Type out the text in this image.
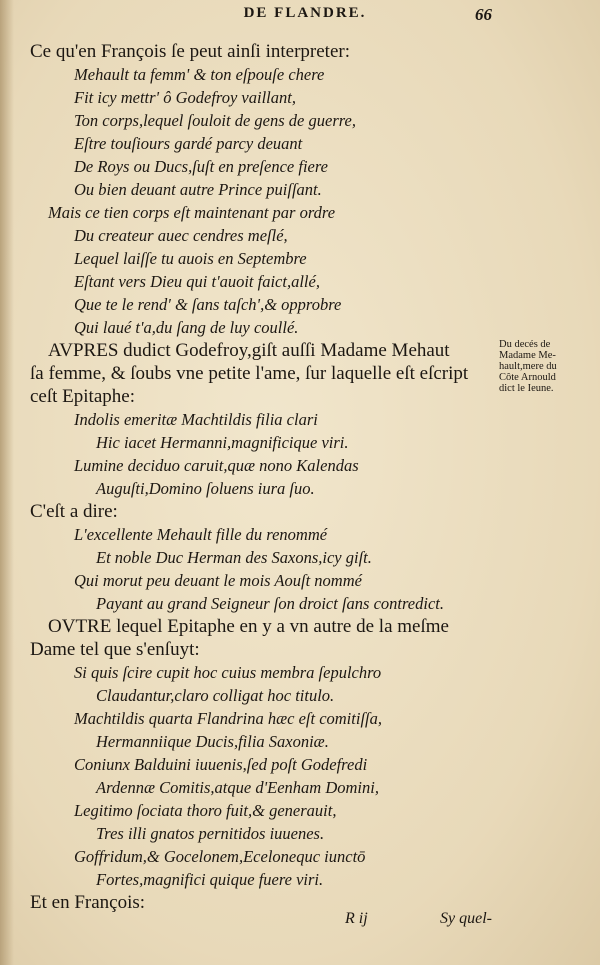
DE FLANDRE.	66
Ce qu'en François ſe peut ainſi interpreter:
Mehault ta femm' & ton eſpouſe chere
Fit icy mettr' ô Godefroy vaillant,
Ton corps,lequel ſouloit de gens de guerre,
Eſtre touſiours gardé parcy deuant
De Roys ou Ducs,ſuſt en preſence fiere
Ou bien deuant autre Prince puiſſant.
Mais ce tien corps eſt maintenant par ordre
Du createur auec cendres meſlé,
Lequel laiſſe tu auois en Septembre
Eſtant vers Dieu qui t'auoit faict,allé,
Que te le rend' & ſans taſch',& opprobre
Qui laué t'a,du ſang de luy coullé.
AVPRES dudict Godefroy,giſt auſſi Madame Mehaut
ſa femme, & ſoubs vne petite l'ame, ſur laquelle eſt eſcript
ceſt Epitaphe:
Indolis emeritæ Machtildis filia clari
Hic iacet Hermanni,magnificique viri.
Lumine deciduo caruit,quæ nono Kalendas
Auguſti,Domino ſoluens iura ſuo.
C'eſt a dire:
L'excellente Mehault fille du renommé
Et noble Duc Herman des Saxons,icy giſt.
Qui morut peu deuant le mois Aouſt nommé
Payant au grand Seigneur ſon droict ſans contredict.
OVTRE lequel Epitaphe en y a vn autre de la meſme
Dame tel que s'enſuyt:
Si quis ſcire cupit hoc cuius membra ſepulchro
Claudantur,claro colligat hoc titulo.
Machtildis quarta Flandrina hæc eſt comitiſſa,
Hermanniique Ducis,filia Saxoniæ.
Coniunx Balduini iuuenis,ſed poſt Godefredi
Ardennæ Comitis,atque d'Eenham Domini,
Legitimo ſociata thoro fuit,& generauit,
Tres illi gnatos pernitidos iuuenes.
Goffridum,& Gocelonem,Ecelonequc iunctō
Fortes,magnifici quique fuere viri.
Et en François:
Du decés de
Madame Me-
hault,mere du
Côte Arnould
dict le Ieune.
R ij	Sy quel-
